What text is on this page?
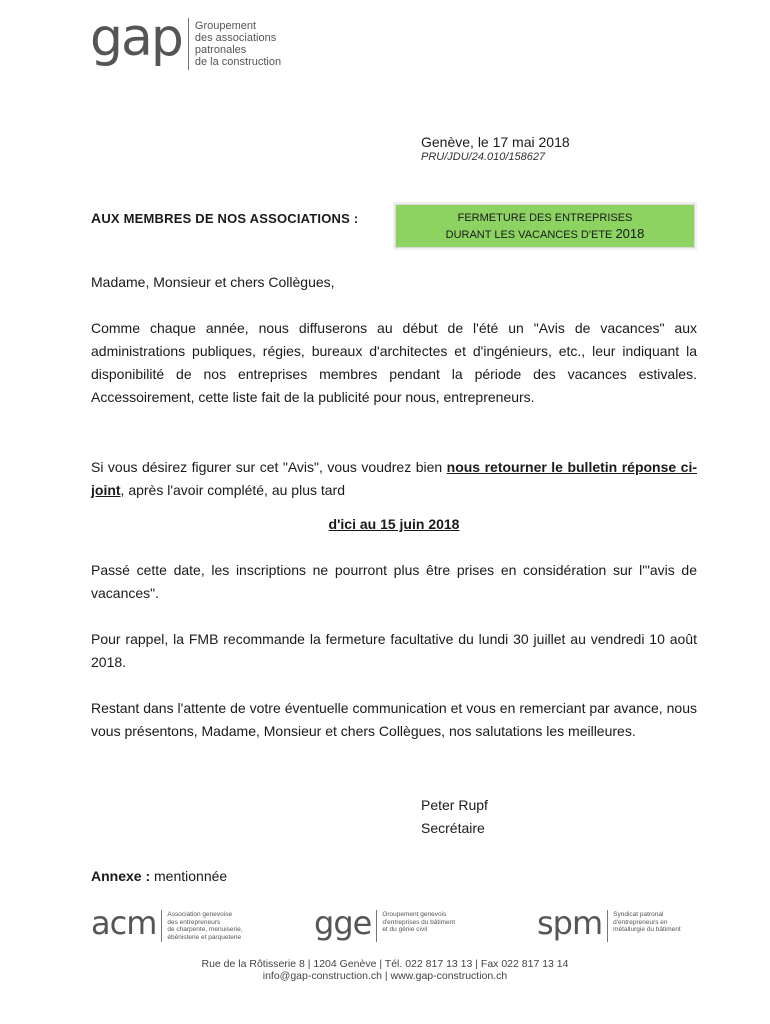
gap Groupement
des associations
patronales
de la construction
Genève, le 17 mai 2018
PRU/JDU/24.010/158627
AUX MEMBRES DE NOS ASSOCIATIONS :	FERMETURE DES ENTREPRISES
DURANT LES VACANCES D'ETE 2018

Madame, Monsieur et chers Collègues,

Comme chaque année, nous diffuserons au début de l'été un "Avis de vacances" aux administrations publiques, régies, bureaux d'architectes et d'ingénieurs, etc., leur indiquant la disponibilité de nos entreprises membres pendant la période des vacances estivales. Accessoirement, cette liste fait de la publicité pour nous, entrepreneurs.

Si vous désirez figurer sur cet "Avis", vous voudrez bien nous retourner le bulletin réponse ci-joint, après l'avoir complété, au plus tard

d'ici au 15 juin 2018

Passé cette date, les inscriptions ne pourront plus être prises en considération sur l'"avis de vacances".

Pour rappel, la FMB recommande la fermeture facultative du lundi 30 juillet au vendredi 10 août 2018.

Restant dans l'attente de votre éventuelle communication et vous en remerciant par avance, nous vous présentons, Madame, Monsieur et chers Collègues, nos salutations les meilleures.

Peter Rupf
Secrétaire
Annexe : mentionnée
acm Association genevoise
des entrepreneurs
de charpente, menuiserie,
ébénisterie et parqueterie gge Groupement genevois
d'entreprises du bâtiment
et du génie civil	spm Syndicat patronal
d'entrepreneurs en
métallurgie du bâtiment
Rue de la Rôtisserie 8 | 1204 Genève | Tél. 022 817 13 13 | Fax 022 817 13 14
info@gap-construction.ch | www.gap-construction.ch
